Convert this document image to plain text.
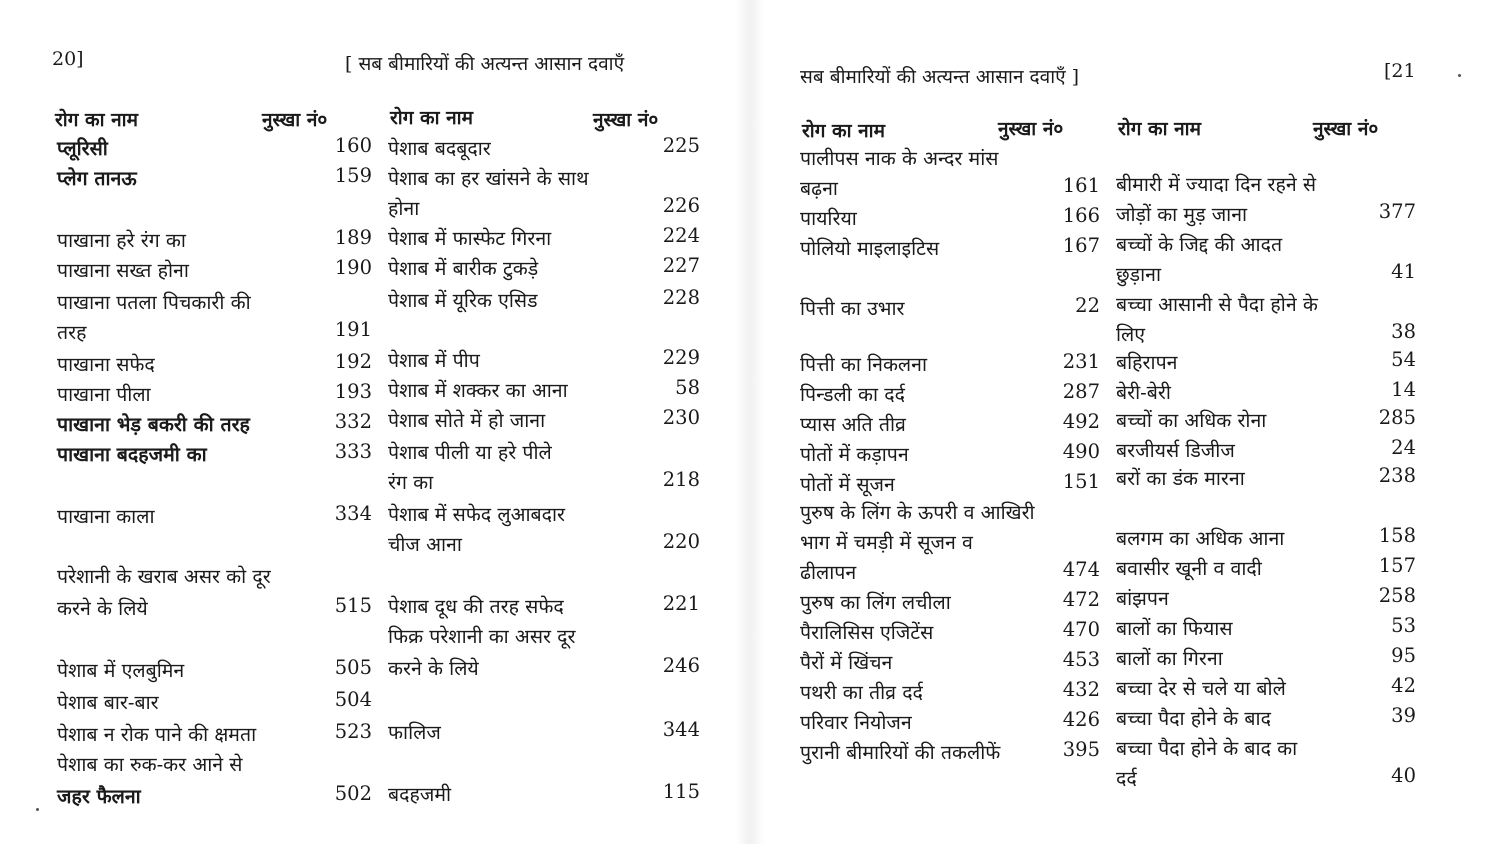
20]	[ सब बीमारियों की अत्यन्त आसान दवाएँ
रोग का नाम	नुस्खा नं०	रोग का नाम	नुस्खा नं०
प्लूरिसी	160
प्लेग तानऊ	159
पाखाना हरे रंग का	189
पाखाना सख्त होना	190
पाखाना पतला पिचकारी की
तरह	191
पाखाना सफेद	192
पाखाना पीला	193
पाखाना भेड़ बकरी की तरह	332
पाखाना बदहजमी का	333
पाखाना काला	334
परेशानी के खराब असर को दूर
करने के लिये	515
पेशाब में एलबुमिन	505
पेशाब बार-बार	504
पेशाब न रोक पाने की क्षमता	523
पेशाब का रुक-कर आने से
जहर फैलना	502
पेशाब बदबूदार	225
पेशाब का हर खांसने के साथ
होना	226
पेशाब में फास्फेट गिरना	224
पेशाब में बारीक टुकड़े	227
पेशाब में यूरिक एसिड	228
पेशाब में पीप	229
पेशाब में शक्कर का आना	58
पेशाब सोते में हो जाना	230
पेशाब पीली या हरे पीले
रंग का	218
पेशाब में सफेद लुआबदार
चीज आना	220
पेशाब दूध की तरह सफेद	221
फिक्र परेशानी का असर दूर
करने के लिये	246
फालिज	344
बदहजमी	115
सब बीमारियों की अत्यन्त आसान दवाएँ ]	[21
रोग का नाम	नुस्खा नं०	रोग का नाम	नुस्खा नं०
पालीपस नाक के अन्दर मांस
बढ़ना	161
पायरिया	166
पोलियो माइलाइटिस	167
पित्ती का उभार	22
पित्ती का निकलना	231
पिन्डली का दर्द	287
प्यास अति तीव्र	492
पोतों में कड़ापन	490
पोतों में सूजन	151
पुरुष के लिंग के ऊपरी व आखिरी
भाग में चमड़ी में सूजन व
ढीलापन	474
पुरुष का लिंग लचीला	472
पैरालिसिस एजिटेंस	470
पैरों में खिंचन	453
पथरी का तीव्र दर्द	432
परिवार नियोजन	426
पुरानी बीमारियों की तकलीफें	395
बीमारी में ज्यादा दिन रहने से
जोड़ों का मुड़ जाना	377
बच्चों के जिद्द की आदत
छुड़ाना	41
बच्चा आसानी से पैदा होने के
लिए	38
बहिरापन	54
बेरी-बेरी	14
बच्चों का अधिक रोना	285
बरजीयर्स डिजीज	24
बरों का डंक मारना	238
बलगम का अधिक आना	158
बवासीर खूनी व वादी	157
बांझपन	258
बालों का फियास	53
बालों का गिरना	95
बच्चा देर से चले या बोले	42
बच्चा पैदा होने के बाद	39
बच्चा पैदा होने के बाद का
दर्द	40
